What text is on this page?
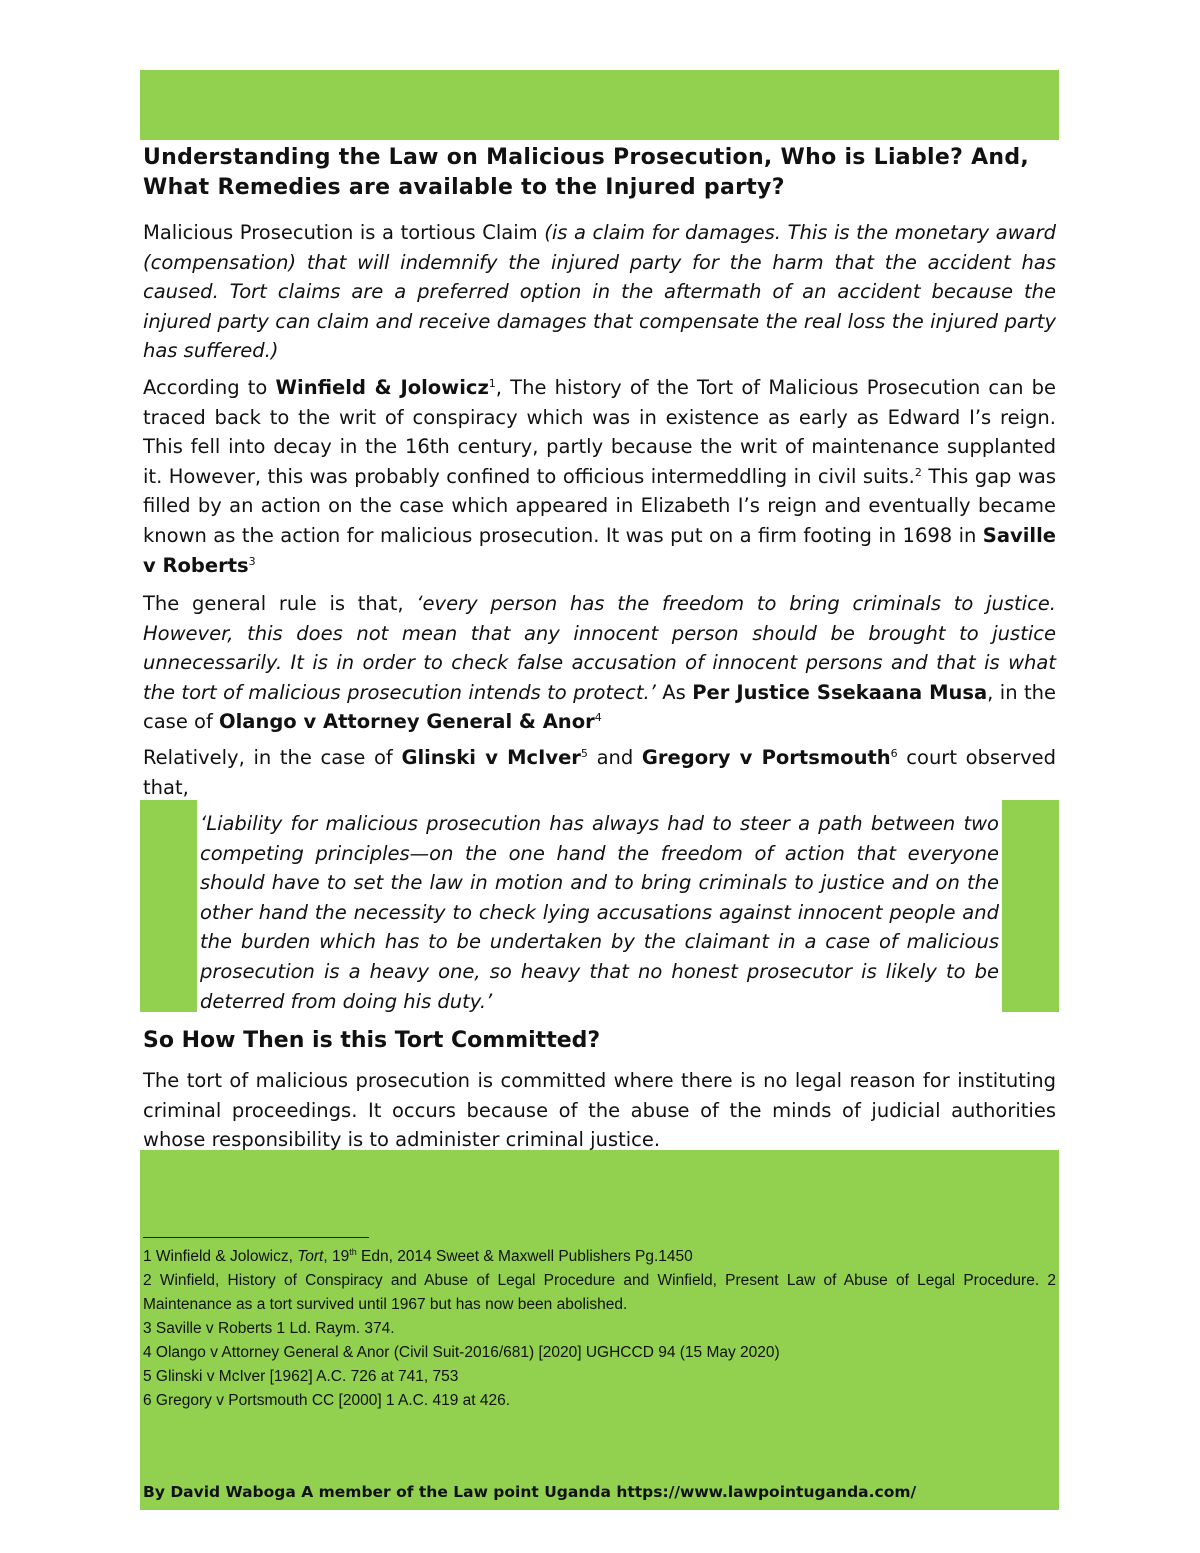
Understanding the Law on Malicious Prosecution, Who is Liable? And, What Remedies are available to the Injured party?

Malicious Prosecution is a tortious Claim (is a claim for damages. This is the monetary award (compensation) that will indemnify the injured party for the harm that the accident has caused. Tort claims are a preferred option in the aftermath of an accident because the injured party can claim and receive damages that compensate the real loss the injured party has suffered.)

According to Winfield & Jolowicz$^1$, The history of the Tort of Malicious Prosecution can be traced back to the writ of conspiracy which was in existence as early as Edward I’s reign. This fell into decay in the 16th century, partly because the writ of maintenance supplanted it. However, this was probably confined to officious intermeddling in civil suits.$^2$ This gap was filled by an action on the case which appeared in Elizabeth I’s reign and eventually became known as the action for malicious prosecution. It was put on a firm footing in 1698 in Saville v Roberts$^3$

The general rule is that, ‘every person has the freedom to bring criminals to justice. However, this does not mean that any innocent person should be brought to justice unnecessarily. It is in order to check false accusation of innocent persons and that is what the tort of malicious prosecution intends to protect.’ As Per Justice Ssekaana Musa, in the case of Olango v Attorney General & Anor$^4$

Relatively, in the case of Glinski v McIver$^5$ and Gregory v Portsmouth$^6$ court observed that,

‘Liability for malicious prosecution has always had to steer a path between two competing principles—on the one hand the freedom of action that everyone should have to set the law in motion and to bring criminals to justice and on the other hand the necessity to check lying accusations against innocent people and the burden which has to be undertaken by the claimant in a case of malicious prosecution is a heavy one, so heavy that no honest prosecutor is likely to be deterred from doing his duty.’
So How Then is this Tort Committed?

The tort of malicious prosecution is committed where there is no legal reason for instituting criminal proceedings. It occurs because of the abuse of the minds of judicial authorities whose responsibility is to administer criminal justice.

1 Winfield & Jolowicz, Tort, 19th Edn, 2014 Sweet & Maxwell Publishers Pg.1450
2 Winfield, History of Conspiracy and Abuse of Legal Procedure and Winfield, Present Law of Abuse of Legal Procedure. 2 Maintenance as a tort survived until 1967 but has now been abolished.
3 Saville v Roberts 1 Ld. Raym. 374.
4 Olango v Attorney General & Anor (Civil Suit-2016/681) [2020] UGHCCD 94 (15 May 2020)
5 Glinski v McIver [1962] A.C. 726 at 741, 753
6 Gregory v Portsmouth CC [2000] 1 A.C. 419 at 426.
By David Waboga A member of the Law point Uganda https://www.lawpointuganda.com/
